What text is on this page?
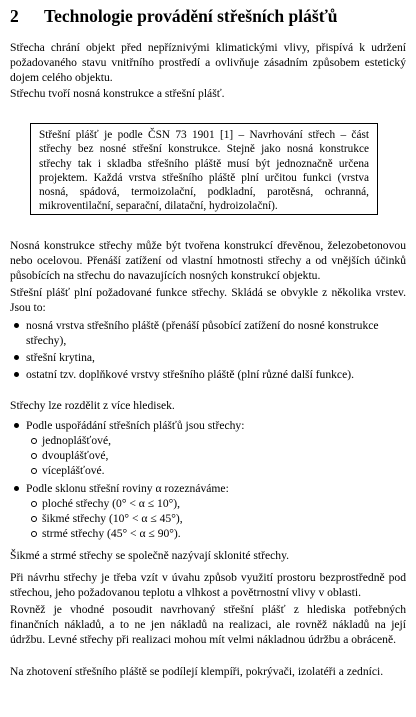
2 Technologie provádění střešních plášťů

Střecha chrání objekt před nepříznivými klimatickými vlivy, přispívá k udržení požadovaného stavu vnitřního prostředí a ovlivňuje zásadním způsobem estetický dojem celého objektu.

Střechu tvoří nosná konstrukce a střešní plášť.

Střešní plášť je podle ČSN 73 1901 [1] – Navrhování střech – část střechy bez nosné střešní konstrukce. Stejně jako nosná konstrukce střechy tak i skladba střešního pláště musí být jednoznačně určena projektem. Každá vrstva střešního pláště plní určitou funkci (vrstva nosná, spádová, termoizolační, podkladní, parotěsná, ochranná, mikroventilační, separační, dilatační, hydroizolační).

Nosná konstrukce střechy může být tvořena konstrukcí dřevěnou, železobetonovou nebo ocelovou. Přenáší zatížení od vlastní hmotnosti střechy a od vnějších účinků působících na střechu do navazujících nosných konstrukcí objektu.

Střešní plášť plní požadované funkce střechy. Skládá se obvykle z několika vrstev. Jsou to:

nosná vrstva střešního pláště (přenáší působící zatížení do nosné konstrukce střechy),
střešní krytina,
ostatní tzv. doplňkové vrstvy střešního pláště (plní různé další funkce).

Střechy lze rozdělit z více hledisek.

Podle uspořádání střešních plášťů jsou střechy:
jednoplášťové,
dvouplášťové,
víceplášťové.
Podle sklonu střešní roviny α rozeznáváme:
ploché střechy (0° < α ≤ 10°),
šikmé střechy (10° < α ≤ 45°),
strmé střechy (45° < α ≤ 90°).

Šikmé a strmé střechy se společně nazývají sklonité střechy.

Při návrhu střechy je třeba vzít v úvahu způsob využití prostoru bezprostředně pod střechou, jeho požadovanou teplotu a vlhkost a povětrnostní vlivy v oblasti.

Rovněž je vhodné posoudit navrhovaný střešní plášť z hlediska potřebných finančních nákladů, a to ne jen nákladů na realizaci, ale rovněž nákladů na její údržbu. Levné střechy při realizaci mohou mít velmi nákladnou údržbu a obráceně.

Na zhotovení střešního pláště se podílejí klempíři, pokrývači, izolatéři a zedníci.
